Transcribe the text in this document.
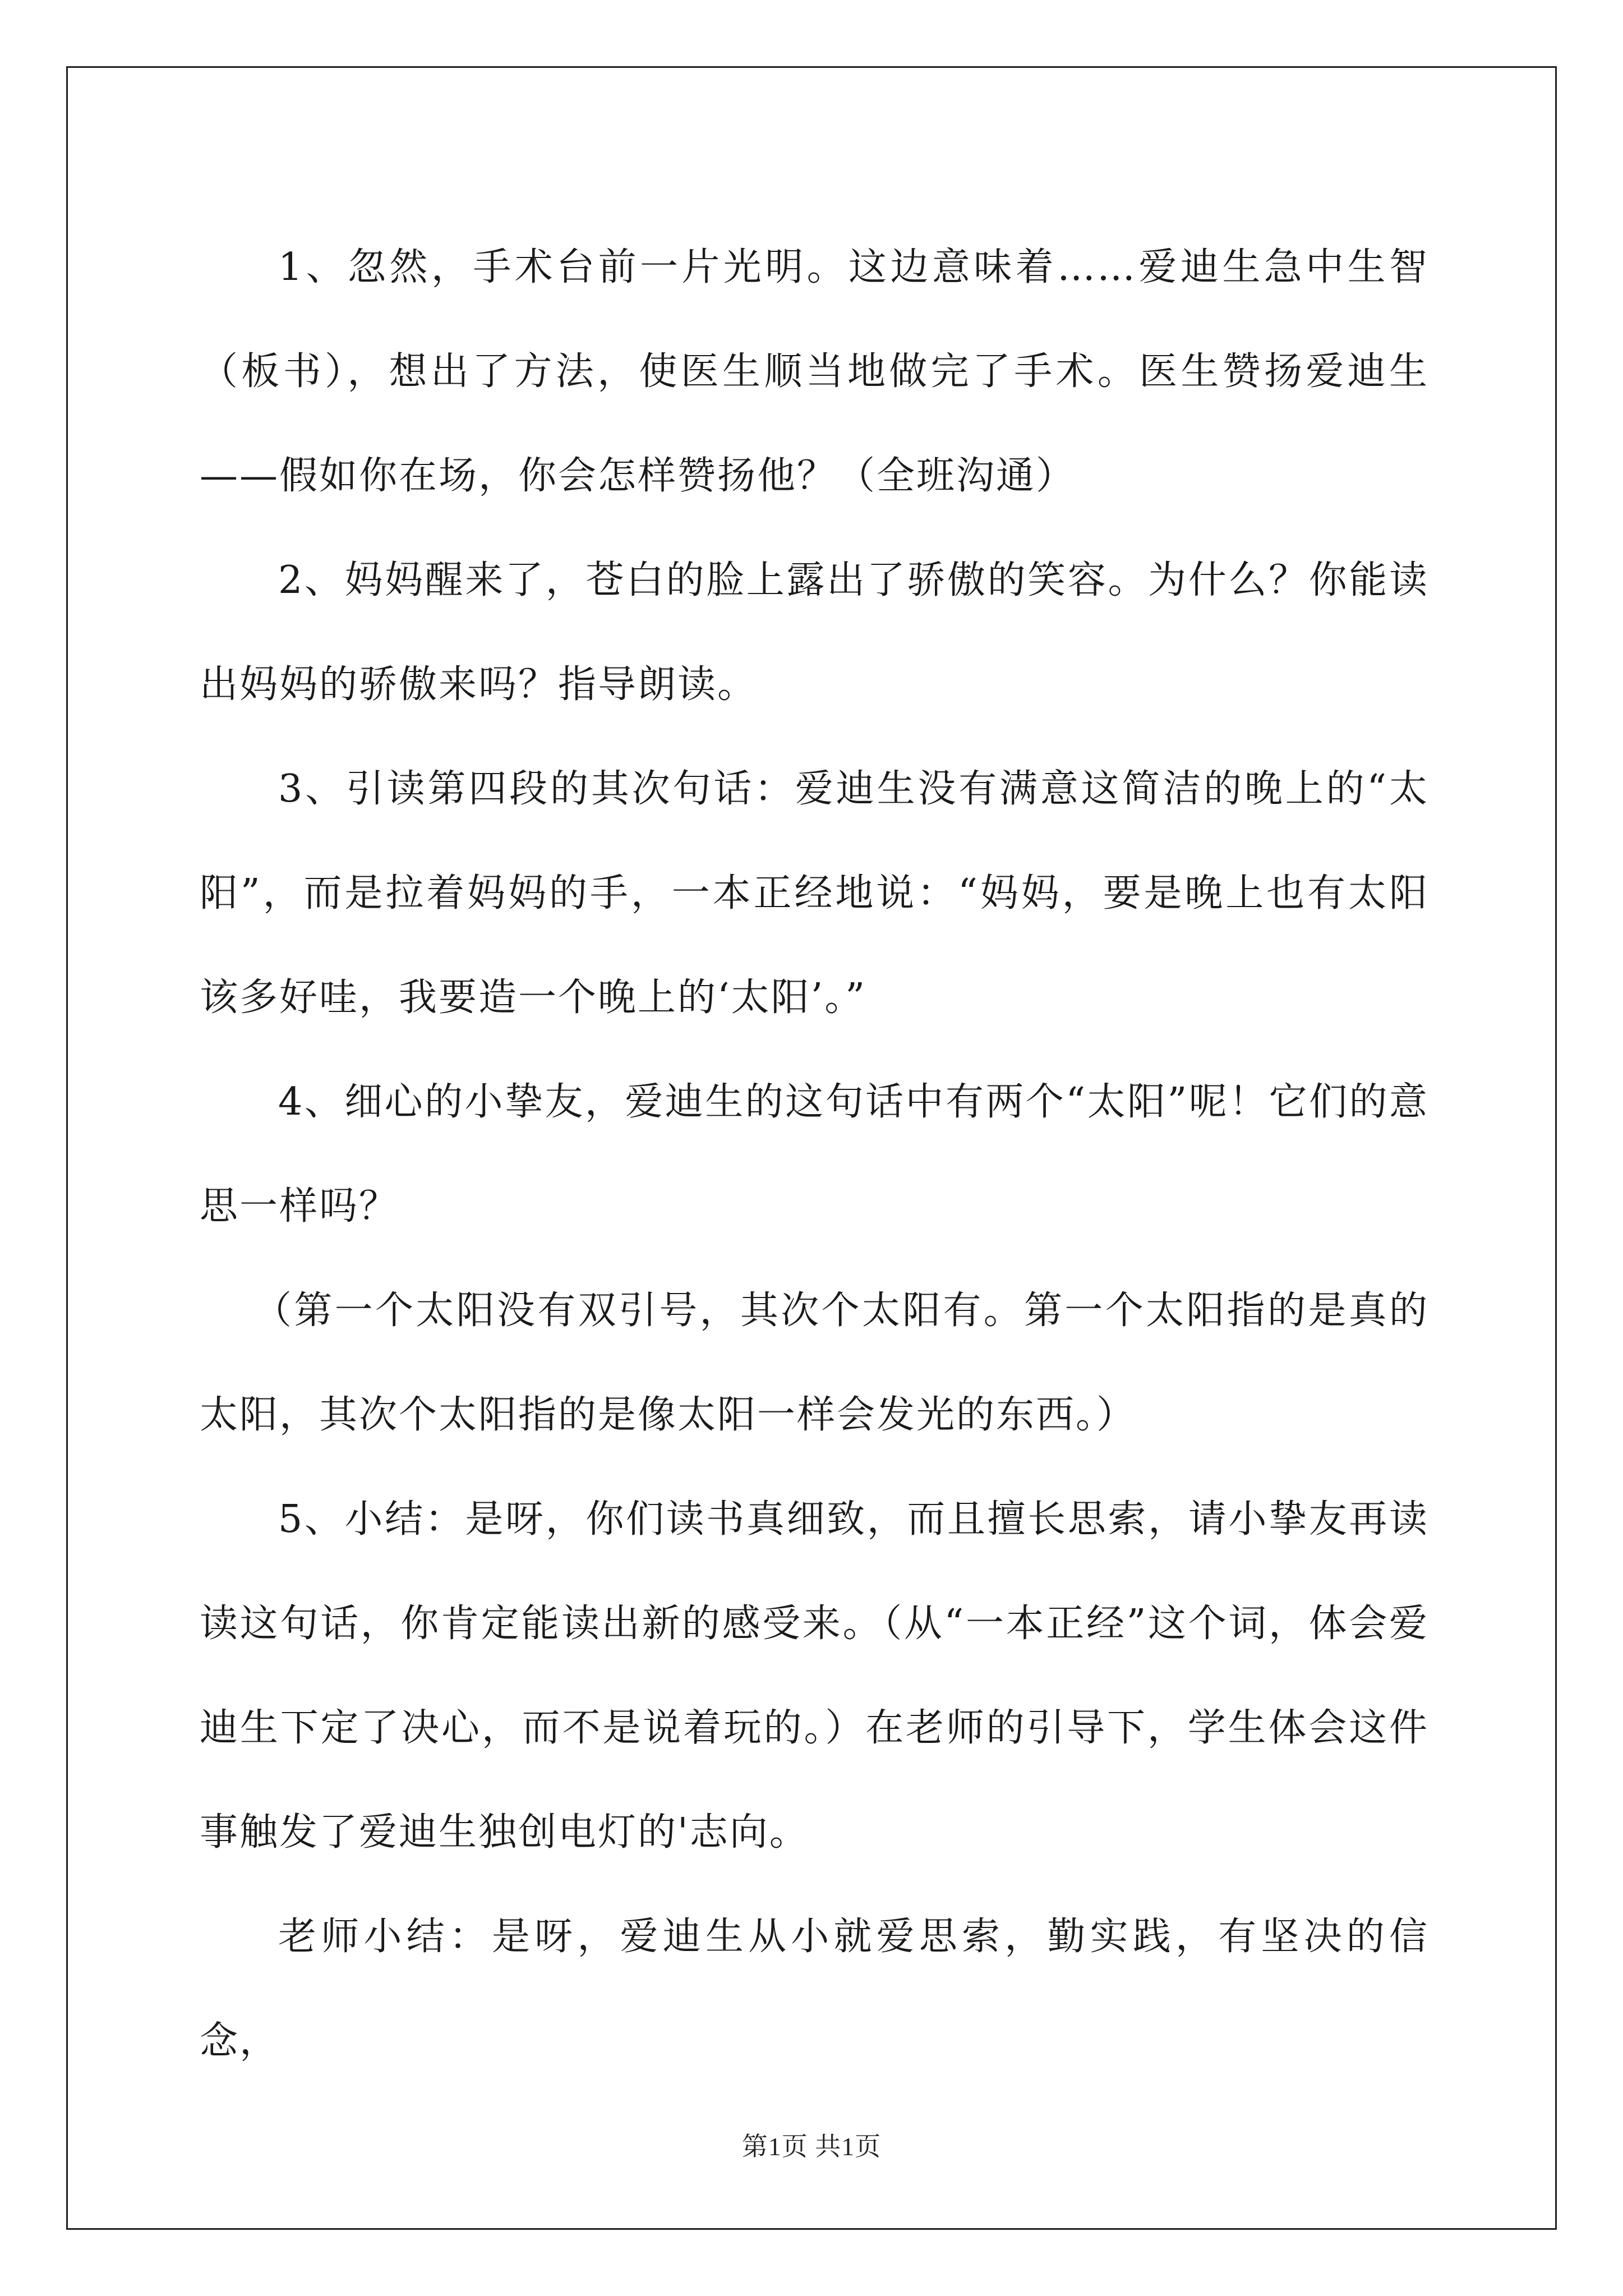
1、忽然，手术台前一片光明。这边意味着……爱迪生急中生智（板书），想出了方法，使医生顺当地做完了手术。医生赞扬爱迪生——假如你在场，你会怎样赞扬他？（全班沟通）

2、妈妈醒来了，苍白的脸上露出了骄傲的笑容。为什么？你能读出妈妈的骄傲来吗？指导朗读。

3、引读第四段的其次句话：爱迪生没有满意这简洁的晚上的“太阳”，而是拉着妈妈的手，一本正经地说：“妈妈，要是晚上也有太阳该多好哇，我要造一个晚上的‘太阳’。”

4、细心的小挚友，爱迪生的这句话中有两个“太阳”呢！它们的意思一样吗？

（第一个太阳没有双引号，其次个太阳有。第一个太阳指的是真的太阳，其次个太阳指的是像太阳一样会发光的东西。）

5、小结：是呀，你们读书真细致，而且擅长思索，请小挚友再读读这句话，你肯定能读出新的感受来。（从“一本正经”这个词，体会爱迪生下定了决心，而不是说着玩的。）在老师的引导下，学生体会这件事触发了爱迪生独创电灯的'志向。

老师小结：是呀，爱迪生从小就爱思索，勤实践，有坚决的信念，

第1页 共1页
